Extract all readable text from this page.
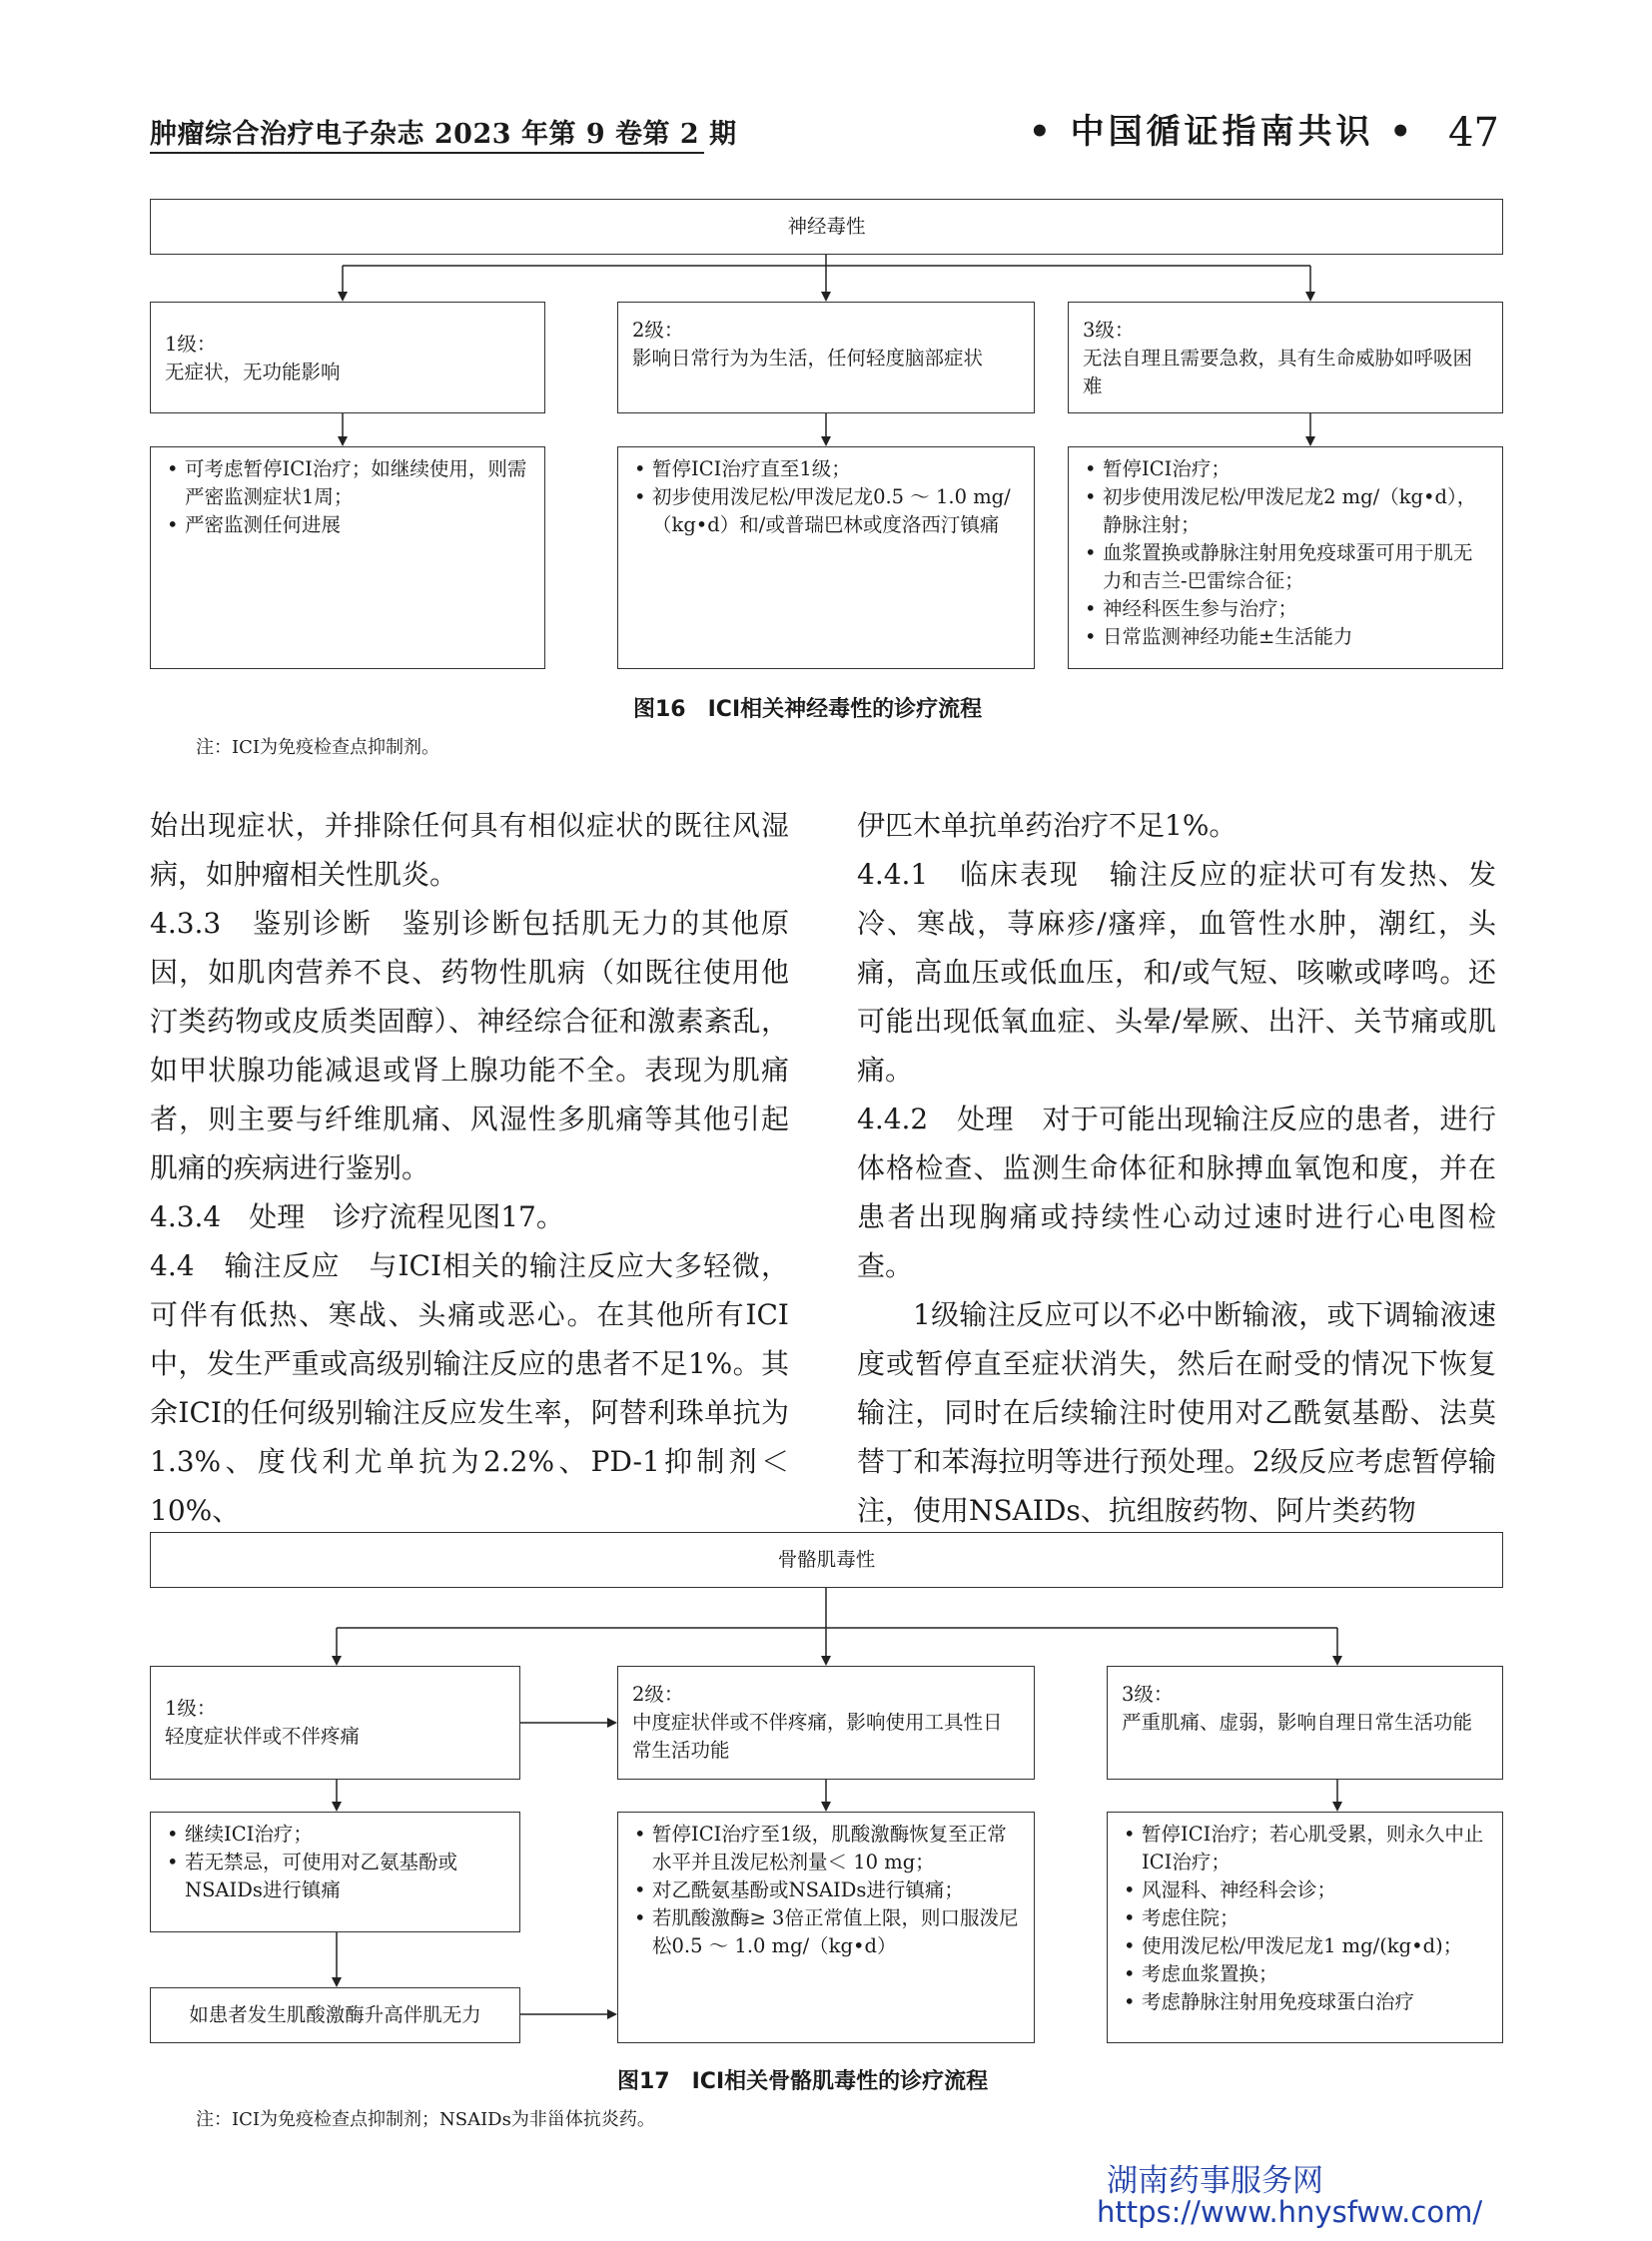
肿瘤综合治疗电子杂志 2023 年第 9 卷第 2 期	• 中国循证指南共识 • 47
神经毒性
1级：
无症状，无功能影响
2级：
影响日常行为为生活，任何轻度脑部症状
3级：
无法自理且需要急救，具有生命威胁如呼吸困难
• 可考虑暂停ICI治疗；如继续使用，则需严密监测症状1周；
• 严密监测任何进展
• 暂停ICI治疗直至1级；
• 初步使用泼尼松/甲泼尼龙0.5 ～ 1.0 mg/（kg•d）和/或普瑞巴林或度洛西汀镇痛
• 暂停ICI治疗；
• 初步使用泼尼松/甲泼尼龙2 mg/（kg•d），静脉注射；
• 血浆置换或静脉注射用免疫球蛋可用于肌无力和吉兰-巴雷综合征；
• 神经科医生参与治疗；
• 日常监测神经功能±生活能力
图16　ICI相关神经毒性的诊疗流程
注：ICI为免疫检查点抑制剂。

始出现症状，并排除任何具有相似症状的既往风湿病，如肿瘤相关性肌炎。

4.3.3　鉴别诊断　鉴别诊断包括肌无力的其他原因，如肌肉营养不良、药物性肌病（如既往使用他汀类药物或皮质类固醇）、神经综合征和激素紊乱，如甲状腺功能减退或肾上腺功能不全。表现为肌痛者，则主要与纤维肌痛、风湿性多肌痛等其他引起肌痛的疾病进行鉴别。

4.3.4　处理　诊疗流程见图17。

4.4　输注反应　与ICI相关的输注反应大多轻微，可伴有低热、寒战、头痛或恶心。在其他所有ICI中，发生严重或高级别输注反应的患者不足1%。其余ICI的任何级别输注反应发生率，阿替利珠单抗为1.3%、度伐利尤单抗为2.2%、PD-1抑制剂＜ 10%、

伊匹木单抗单药治疗不足1%。

4.4.1　临床表现　输注反应的症状可有发热、发冷、寒战，荨麻疹/瘙痒，血管性水肿，潮红，头痛，高血压或低血压，和/或气短、咳嗽或哮鸣。还可能出现低氧血症、头晕/晕厥、出汗、关节痛或肌痛。

4.4.2　处理　对于可能出现输注反应的患者，进行体格检查、监测生命体征和脉搏血氧饱和度，并在患者出现胸痛或持续性心动过速时进行心电图检查。

1级输注反应可以不必中断输液，或下调输液速度或暂停直至症状消失，然后在耐受的情况下恢复输注，同时在后续输注时使用对乙酰氨基酚、法莫替丁和苯海拉明等进行预处理。2级反应考虑暂停输注，使用NSAIDs、抗组胺药物、阿片类药物

骨骼肌毒性
1级：
轻度症状伴或不伴疼痛
2级：
中度症状伴或不伴疼痛，影响使用工具性日常生活功能
3级：
严重肌痛、虚弱，影响自理日常生活功能
• 继续ICI治疗；
• 若无禁忌，可使用对乙氨基酚或NSAIDs进行镇痛
如患者发生肌酸激酶升高伴肌无力
• 暂停ICI治疗至1级，肌酸激酶恢复至正常水平并且泼尼松剂量＜ 10 mg；
• 对乙酰氨基酚或NSAIDs进行镇痛；
• 若肌酸激酶≥ 3倍正常值上限，则口服泼尼松0.5 ～ 1.0 mg/（kg•d）
• 暂停ICI治疗；若心肌受累，则永久中止ICI治疗；
• 风湿科、神经科会诊；
• 考虑住院；
• 使用泼尼松/甲泼尼龙1 mg/(kg•d)；
• 考虑血浆置换；
• 考虑静脉注射用免疫球蛋白治疗
图17　ICI相关骨骼肌毒性的诊疗流程
注：ICI为免疫检查点抑制剂；NSAIDs为非甾体抗炎药。
湖南药事服务网
https://www.hnysfww.com/
